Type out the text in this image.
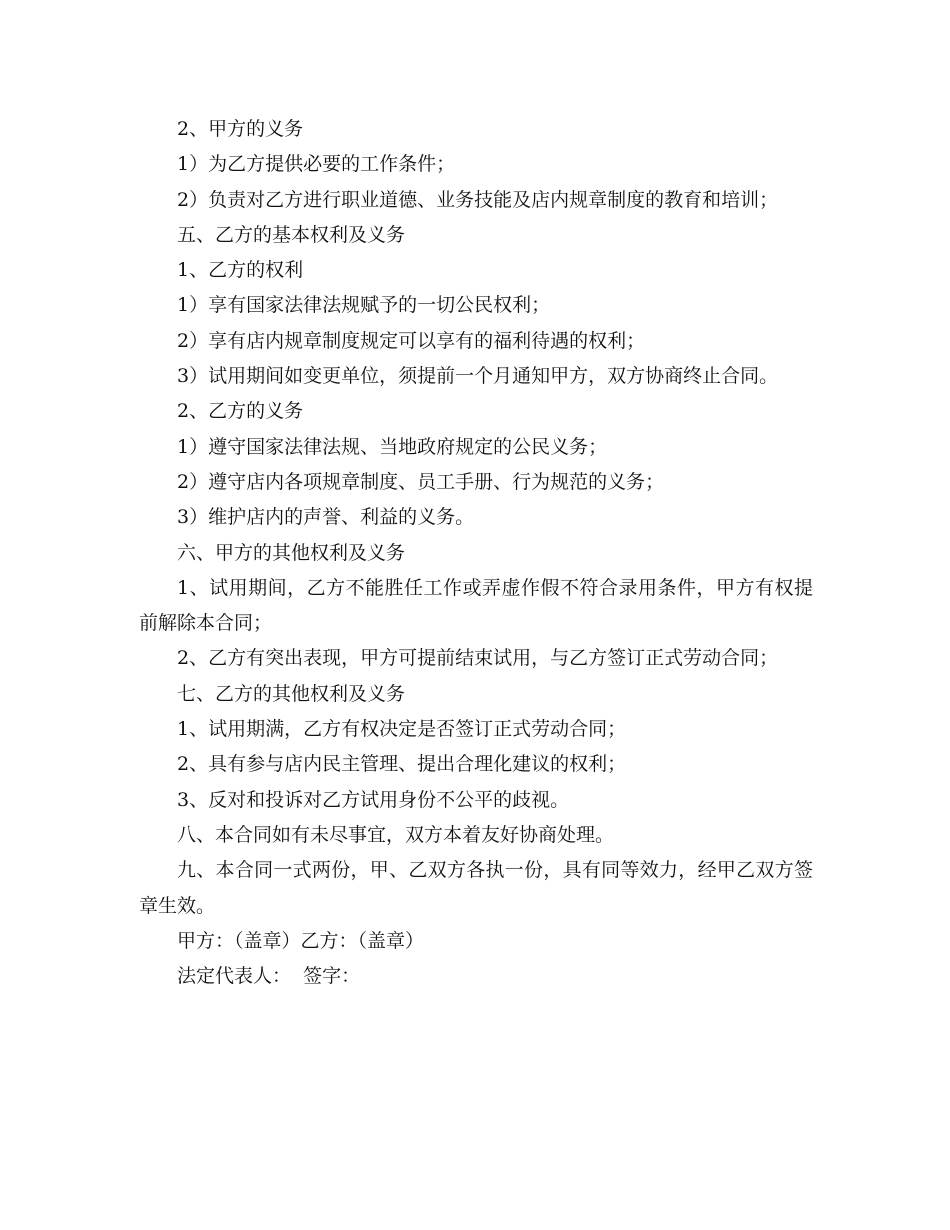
2、甲方的义务

1）为乙方提供必要的工作条件；

2）负责对乙方进行职业道德、业务技能及店内规章制度的教育和培训；

五、乙方的基本权利及义务

1、乙方的权利

1）享有国家法律法规赋予的一切公民权利；

2）享有店内规章制度规定可以享有的福利待遇的权利；

3）试用期间如变更单位，须提前一个月通知甲方，双方协商终止合同。

2、乙方的义务

1）遵守国家法律法规、当地政府规定的公民义务；

2）遵守店内各项规章制度、员工手册、行为规范的义务；

3）维护店内的声誉、利益的义务。

六、甲方的其他权利及义务

1、试用期间，乙方不能胜任工作或弄虚作假不符合录用条件，甲方有权提前解除本合同；

2、乙方有突出表现，甲方可提前结束试用，与乙方签订正式劳动合同；

七、乙方的其他权利及义务

1、试用期满，乙方有权决定是否签订正式劳动合同；

2、具有参与店内民主管理、提出合理化建议的权利；

3、反对和投诉对乙方试用身份不公平的歧视。

八、本合同如有未尽事宜，双方本着友好协商处理。

九、本合同一式两份，甲、乙双方各执一份，具有同等效力，经甲乙双方签章生效。

甲方：（盖章）乙方：（盖章）

法定代表人：  签字：
